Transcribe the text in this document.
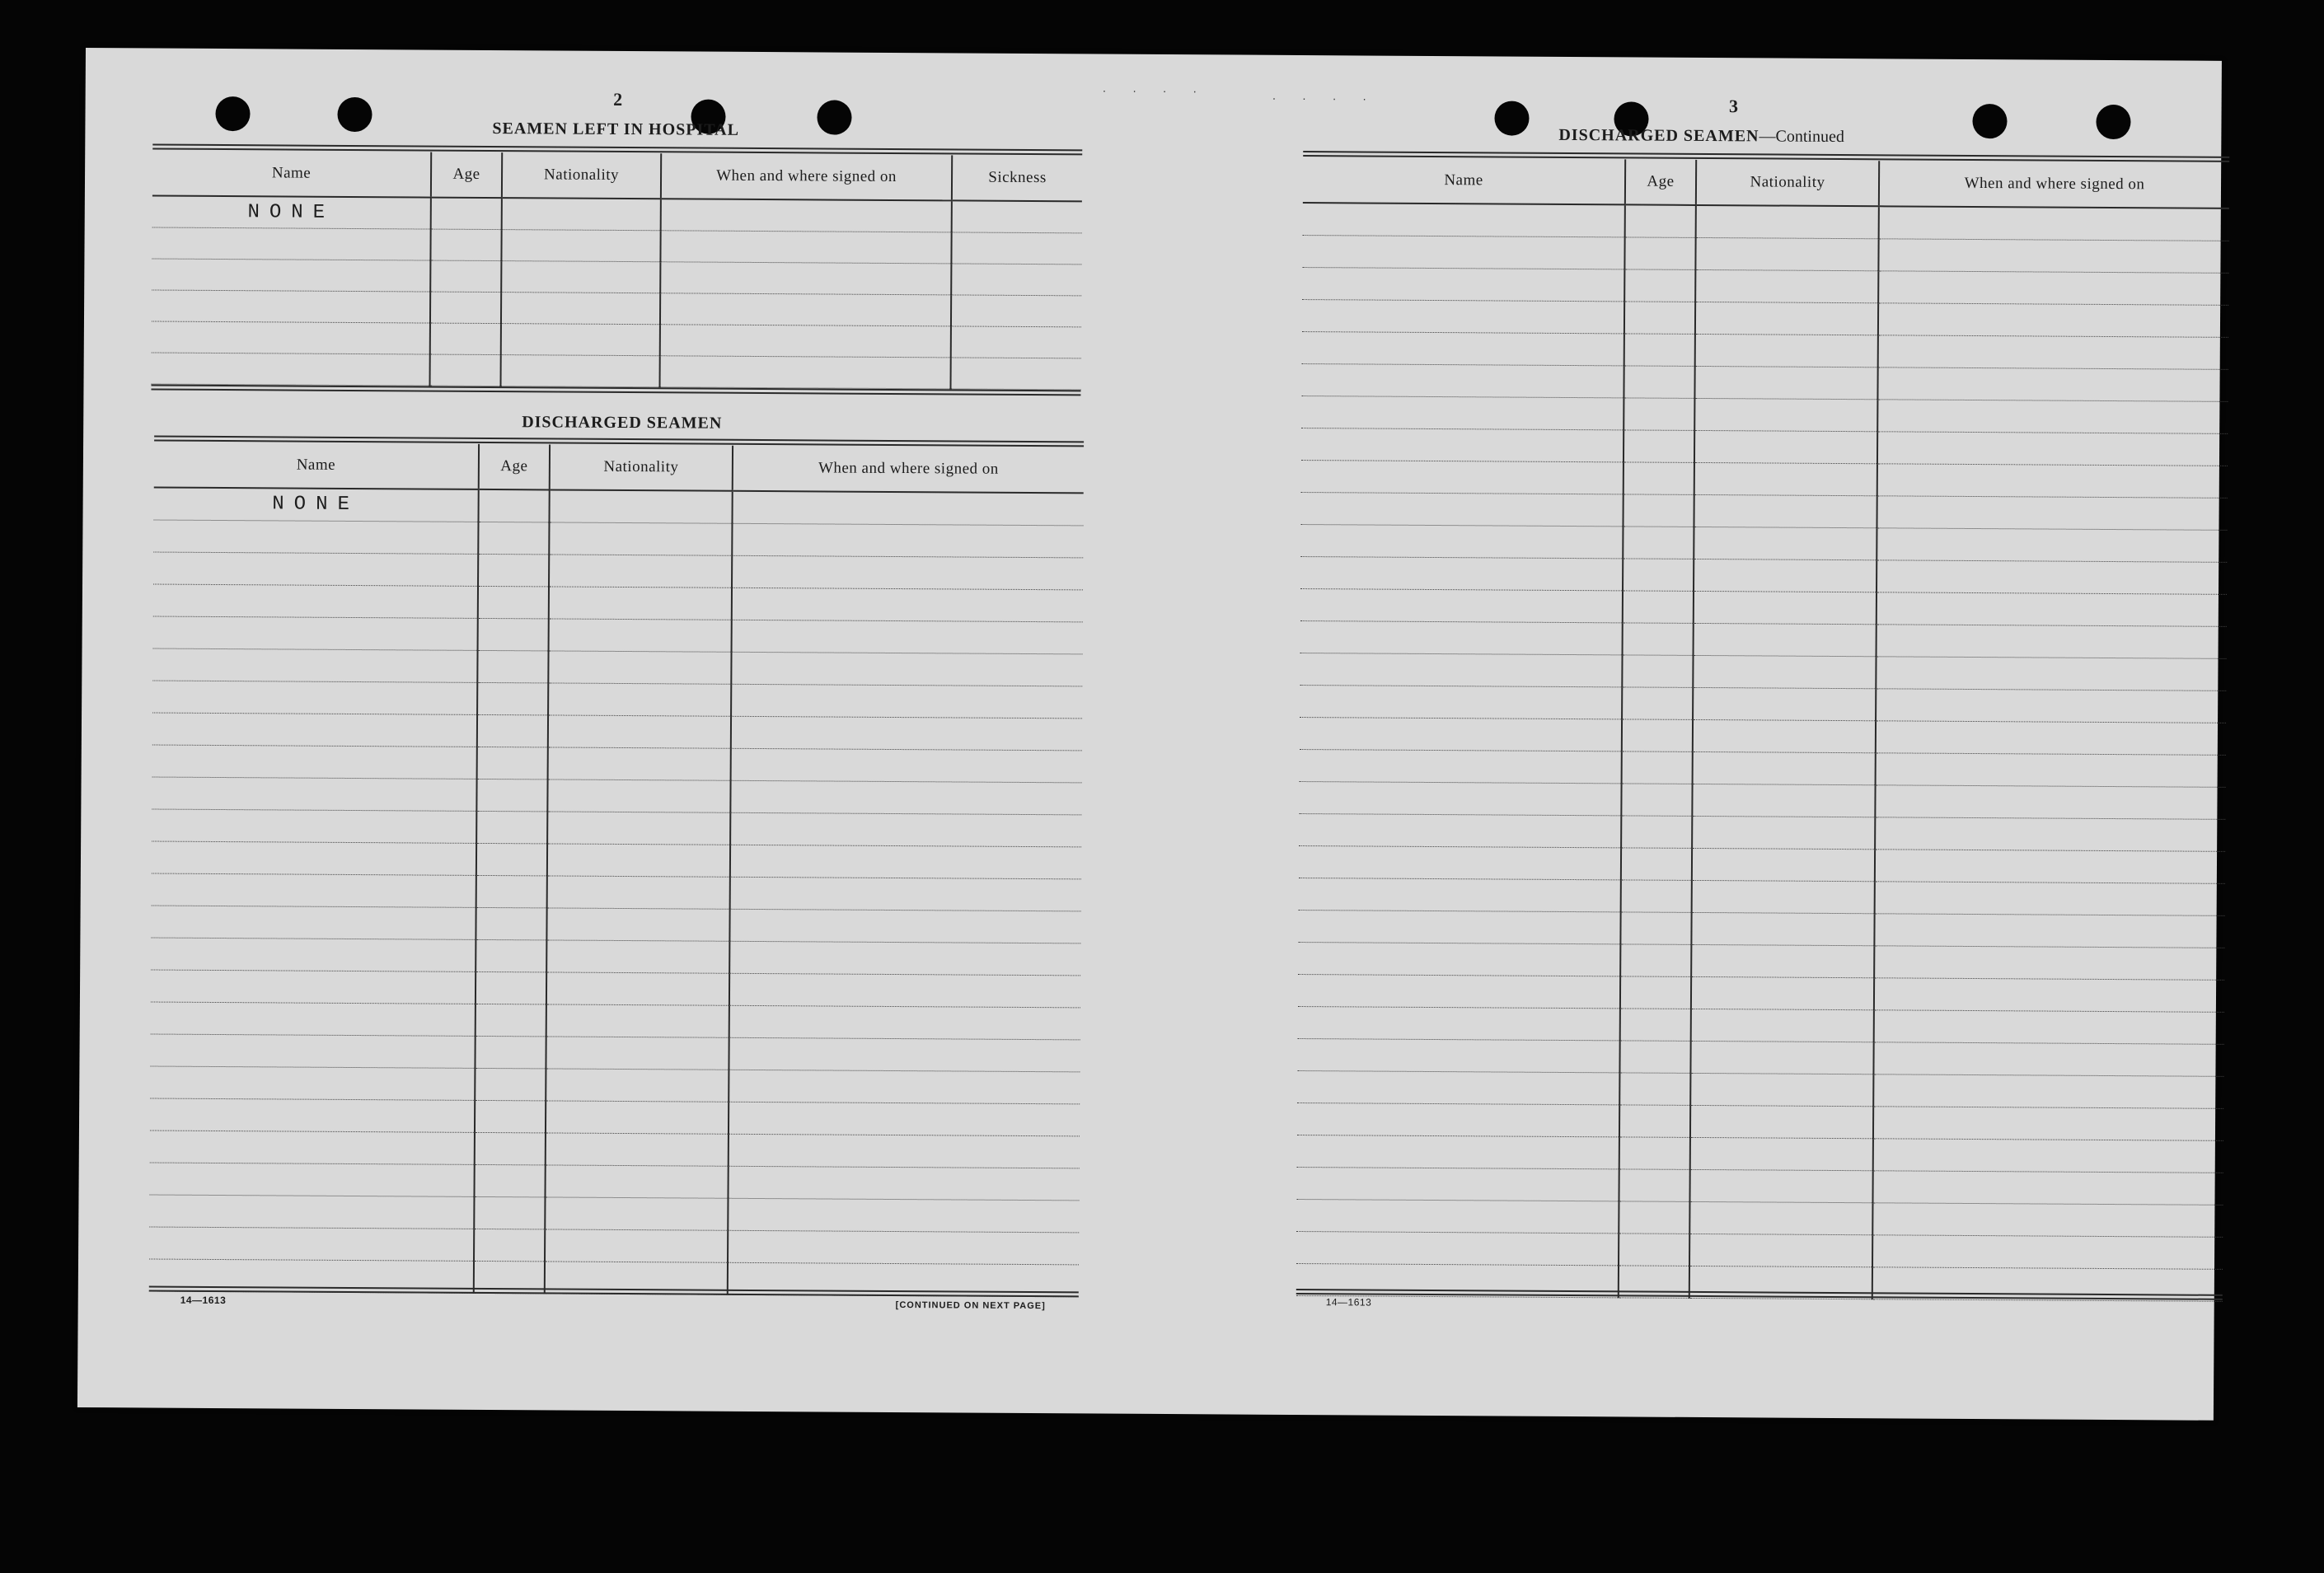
2
SEAMEN LEFT IN HOSPITAL
Name	Age	Nationality	When and where signed on	Sickness
NONE				

DISCHARGED SEAMEN
Name	Age	Nationality	When and where signed on
NONE			

14—1613	[CONTINUED ON NEXT PAGE]
· · · ·
· · · ·	3
DISCHARGED SEAMEN—Continued
Name	Age	Nationality	When and where signed on

14—1613
